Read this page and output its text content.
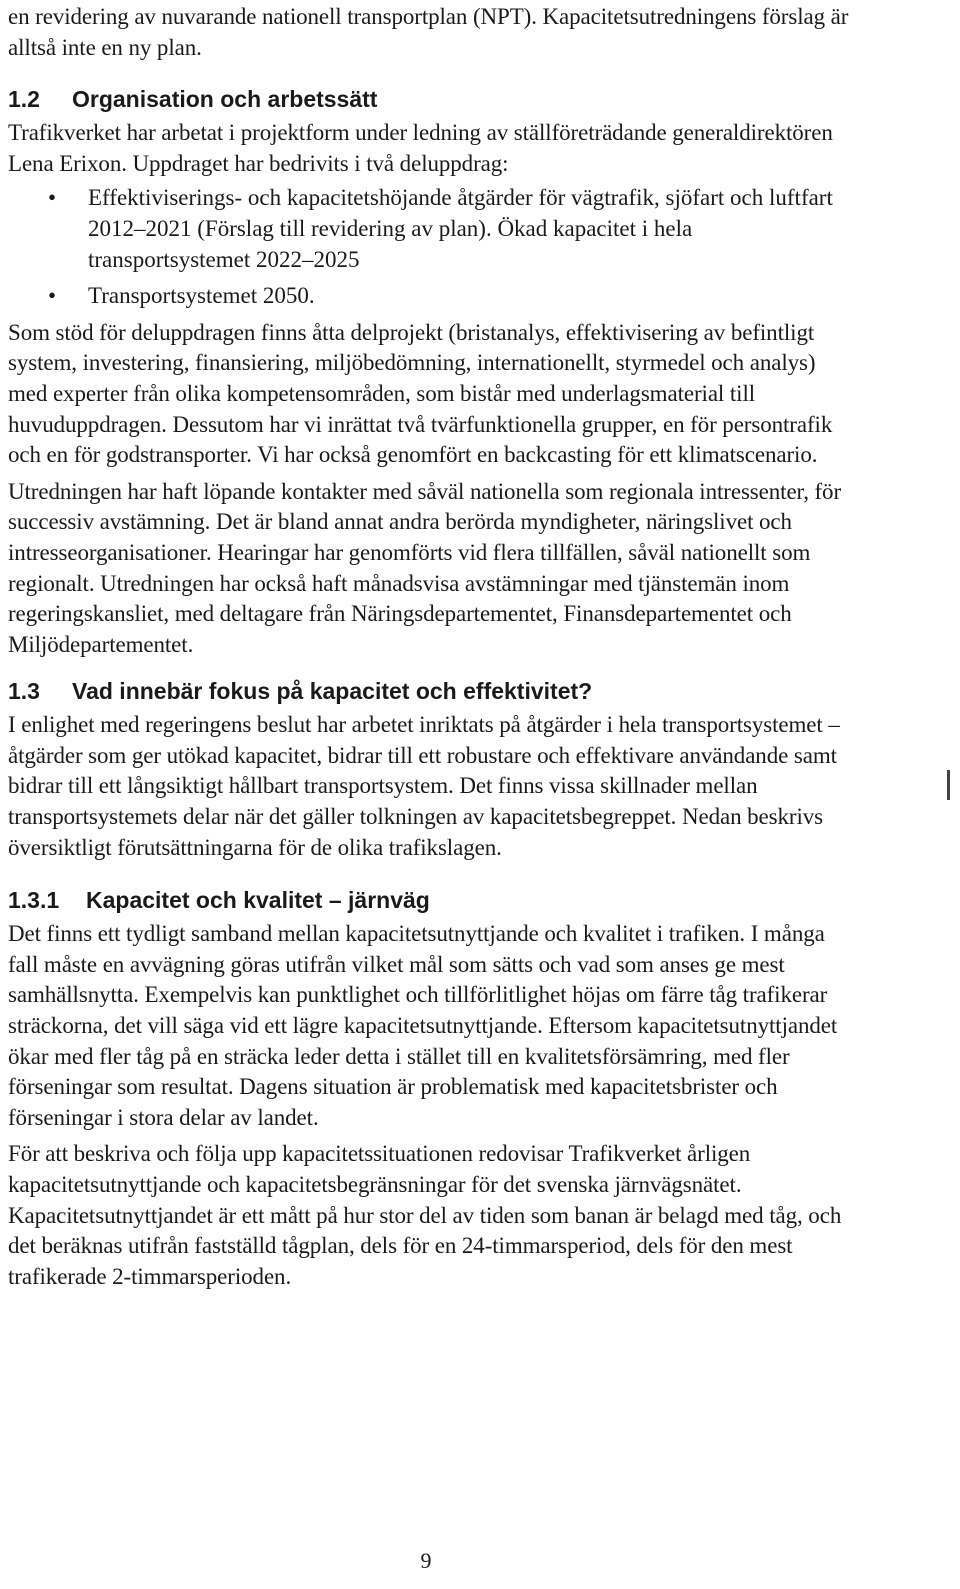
en revidering av nuvarande nationell transportplan (NPT). Kapacitetsutredningens förslag är alltså inte en ny plan.

1.2 Organisation och arbetssätt

Trafikverket har arbetat i projektform under ledning av ställföreträdande generaldirektören Lena Erixon. Uppdraget har bedrivits i två deluppdrag:

• Effektiviserings- och kapacitetshöjande åtgärder för vägtrafik, sjöfart och luftfart 2012–2021 (Förslag till revidering av plan). Ökad kapacitet i hela transportsystemet 2022–2025
• Transportsystemet 2050.

Som stöd för deluppdragen finns åtta delprojekt (bristanalys, effektivisering av befintligt system, investering, finansiering, miljöbedömning, internationellt, styrmedel och analys) med experter från olika kompetensområden, som bistår med underlagsmaterial till huvuduppdragen. Dessutom har vi inrättat två tvärfunktionella grupper, en för persontrafik och en för godstransporter. Vi har också genomfört en backcasting för ett klimatscenario.

Utredningen har haft löpande kontakter med såväl nationella som regionala intressenter, för successiv avstämning. Det är bland annat andra berörda myndigheter, näringslivet och intresseorganisationer. Hearingar har genomförts vid flera tillfällen, såväl nationellt som regionalt. Utredningen har också haft månadsvisa avstämningar med tjänstemän inom regeringskansliet, med deltagare från Näringsdepartementet, Finansdepartementet och Miljödepartementet.

1.3 Vad innebär fokus på kapacitet och effektivitet?

I enlighet med regeringens beslut har arbetet inriktats på åtgärder i hela transportsystemet – åtgärder som ger utökad kapacitet, bidrar till ett robustare och effektivare användande samt bidrar till ett långsiktigt hållbart transportsystem. Det finns vissa skillnader mellan transportsystemets delar när det gäller tolkningen av kapacitetsbegreppet. Nedan beskrivs översiktligt förutsättningarna för de olika trafikslagen.

1.3.1 Kapacitet och kvalitet – järnväg

Det finns ett tydligt samband mellan kapacitetsutnyttjande och kvalitet i trafiken. I många fall måste en avvägning göras utifrån vilket mål som sätts och vad som anses ge mest samhällsnytta. Exempelvis kan punktlighet och tillförlitlighet höjas om färre tåg trafikerar sträckorna, det vill säga vid ett lägre kapacitetsutnyttjande. Eftersom kapacitetsutnyttjandet ökar med fler tåg på en sträcka leder detta i stället till en kvalitetsförsämring, med fler förseningar som resultat. Dagens situation är problematisk med kapacitetsbrister och förseningar i stora delar av landet.

För att beskriva och följa upp kapacitetssituationen redovisar Trafikverket årligen kapacitetsutnyttjande och kapacitetsbegränsningar för det svenska järnvägsnätet. Kapacitetsutnyttjandet är ett mått på hur stor del av tiden som banan är belagd med tåg, och det beräknas utifrån fastställd tågplan, dels för en 24-timmarsperiod, dels för den mest trafikerade 2-timmarsperioden.

9
